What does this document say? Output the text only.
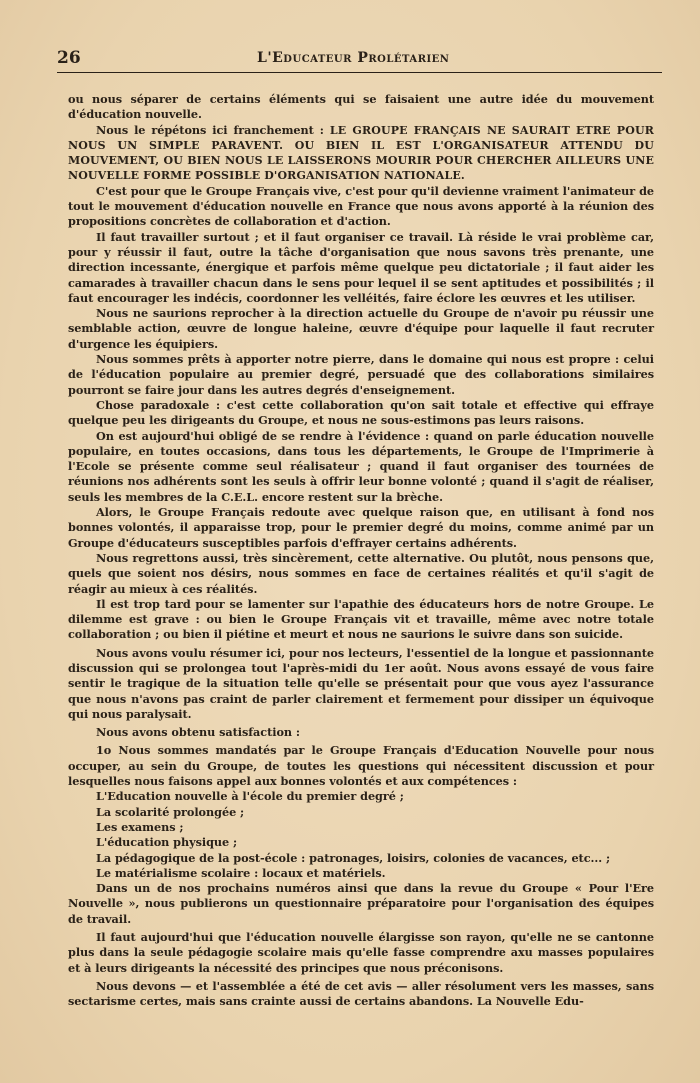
26	L'Educateur Prolétarien

ou nous séparer de certains éléments qui se faisaient une autre idée du mouvement d'éducation nouvelle.

Nous le répétons ici franchement : LE GROUPE FRANÇAIS NE SAURAIT ETRE POUR NOUS UN SIMPLE PARAVENT. OU BIEN IL EST L'ORGANISATEUR ATTENDU DU MOUVEMENT, OU BIEN NOUS LE LAISSERONS MOURIR POUR CHERCHER AILLEURS UNE NOUVELLE FORME POSSIBLE D'ORGANISATION NATIONALE.

C'est pour que le Groupe Français vive, c'est pour qu'il devienne vraiment l'animateur de tout le mouvement d'éducation nouvelle en France que nous avons apporté à la réunion des propositions concrètes de collaboration et d'action.

Il faut travailler surtout ; et il faut organiser ce travail. Là réside le vrai problème car, pour y réussir il faut, outre la tâche d'organisation que nous savons très prenante, une direction incessante, énergique et parfois même quelque peu dictatoriale ; il faut aider les camarades à travailler chacun dans le sens pour lequel il se sent aptitudes et possibilités ; il faut encourager les indécis, coordonner les velléités, faire éclore les œuvres et les utiliser.

Nous ne saurions reprocher à la direction actuelle du Groupe de n'avoir pu réussir une semblable action, œuvre de longue haleine, œuvre d'équipe pour laquelle il faut recruter d'urgence les équipiers.

Nous sommes prêts à apporter notre pierre, dans le domaine qui nous est propre : celui de l'éducation populaire au premier degré, persuadé que des collaborations similaires pourront se faire jour dans les autres degrés d'enseignement.

Chose paradoxale : c'est cette collaboration qu'on sait totale et effective qui effraye quelque peu les dirigeants du Groupe, et nous ne sous-estimons pas leurs raisons.

On est aujourd'hui obligé de se rendre à l'évidence : quand on parle éducation nouvelle populaire, en toutes occasions, dans tous les départements, le Groupe de l'Imprimerie à l'Ecole se présente comme seul réalisateur ; quand il faut organiser des tournées de réunions nos adhérents sont les seuls à offrir leur bonne volonté ; quand il s'agit de réaliser, seuls les membres de la C.E.L. encore restent sur la brèche.

Alors, le Groupe Français redoute avec quelque raison que, en utilisant à fond nos bonnes volontés, il apparaisse trop, pour le premier degré du moins, comme animé par un Groupe d'éducateurs susceptibles parfois d'effrayer certains adhérents.

Nous regrettons aussi, très sincèrement, cette alternative. Ou plutôt, nous pensons que, quels que soient nos désirs, nous sommes en face de certaines réalités et qu'il s'agit de réagir au mieux à ces réalités.

Il est trop tard pour se lamenter sur l'apathie des éducateurs hors de notre Groupe. Le dilemme est grave : ou bien le Groupe Français vit et travaille, même avec notre totale collaboration ; ou bien il piétine et meurt et nous ne saurions le suivre dans son suicide.

Nous avons voulu résumer ici, pour nos lecteurs, l'essentiel de la longue et passionnante discussion qui se prolongea tout l'après-midi du 1er août. Nous avons essayé de vous faire sentir le tragique de la situation telle qu'elle se présentait pour que vous ayez l'assurance que nous n'avons pas craint de parler clairement et fermement pour dissiper un équivoque qui nous paralysait.

Nous avons obtenu satisfaction :

1o Nous sommes mandatés par le Groupe Français d'Education Nouvelle pour nous occuper, au sein du Groupe, de toutes les questions qui nécessitent discussion et pour lesquelles nous faisons appel aux bonnes volontés et aux compétences :

L'Education nouvelle à l'école du premier degré ;

La scolarité prolongée ;

Les examens ;

L'éducation physique ;

La pédagogique de la post-école : patronages, loisirs, colonies de vacances, etc... ;

Le matérialisme scolaire : locaux et matériels.

Dans un de nos prochains numéros ainsi que dans la revue du Groupe « Pour l'Ere Nouvelle », nous publierons un questionnaire préparatoire pour l'organisation des équipes de travail.

Il faut aujourd'hui que l'éducation nouvelle élargisse son rayon, qu'elle ne se cantonne plus dans la seule pédagogie scolaire mais qu'elle fasse comprendre axu masses populaires et à leurs dirigeants la nécessité des principes que nous préconisons.

Nous devons — et l'assemblée a été de cet avis — aller résolument vers les masses, sans sectarisme certes, mais sans crainte aussi de certains abandons. La Nouvelle Edu-
